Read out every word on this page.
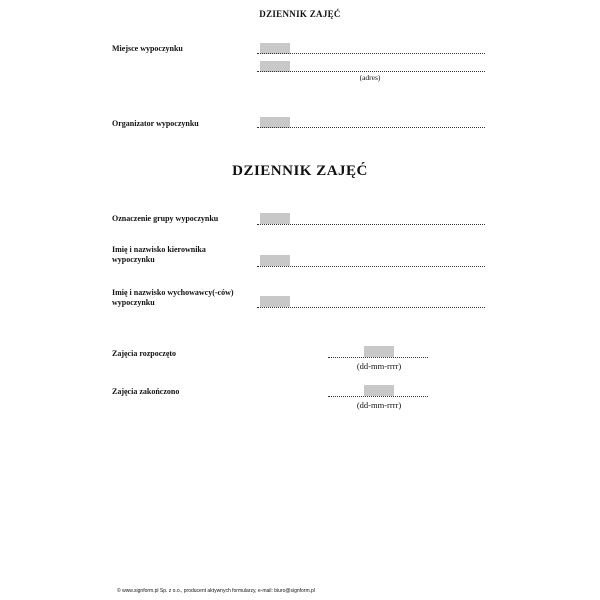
DZIENNIK ZAJĘĆ
Miejsce wypoczynku
(adres)
Organizator wypoczynku
DZIENNIK ZAJĘĆ
Oznaczenie grupy wypoczynku
Imię i nazwisko kierownika
wypoczynku
Imię i nazwisko wychowawcy(-ców)
wypoczynku
Zajęcia rozpoczęto
(dd-mm-rrrr)
Zajęcia zakończono
(dd-mm-rrrr)
© www.signform.pl Sp. z o.o., producent aktywnych formularzy, e-mail: biuro@signform.pl
